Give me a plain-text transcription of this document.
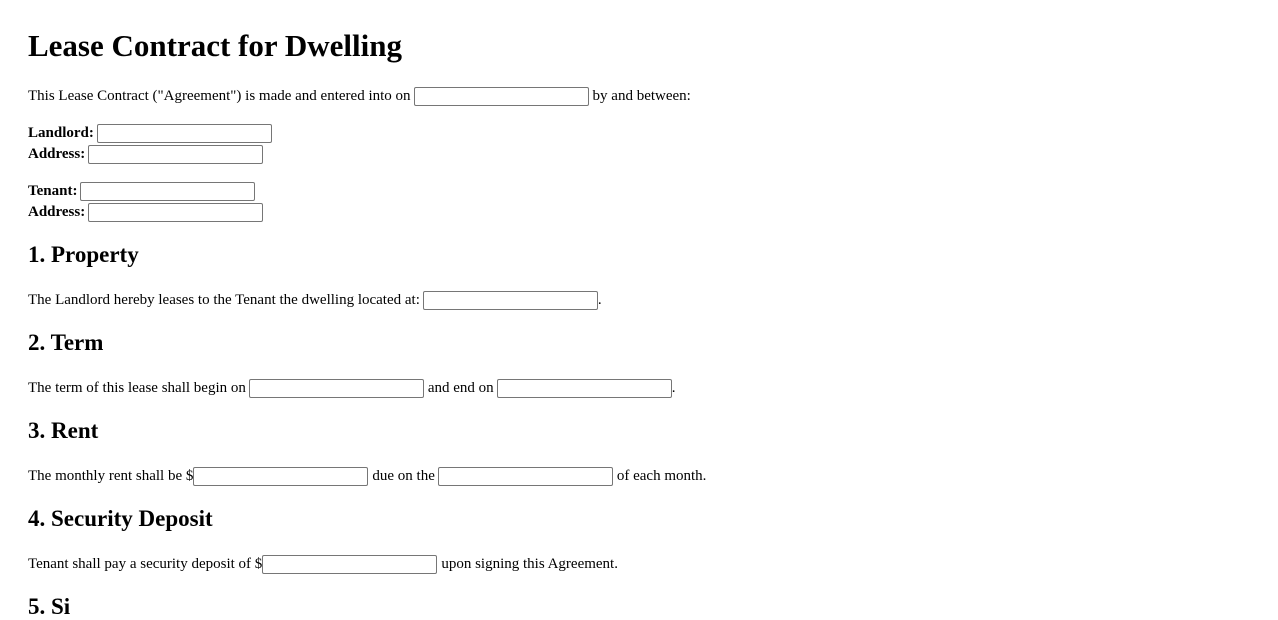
Lease Contract for Dwelling
This Lease Contract ("Agreement") is made and entered into on	by and between:
Landlord:
Address:
Tenant:
Address:
1. Property
The Landlord hereby leases to the Tenant the dwelling located at:	.
2. Term
The term of this lease shall begin on	and end on	.
3. Rent
The monthly rent shall be $	due on the	of each month.
4. Security Deposit
Tenant shall pay a security deposit of $	upon signing this Agreement.
5. Si
